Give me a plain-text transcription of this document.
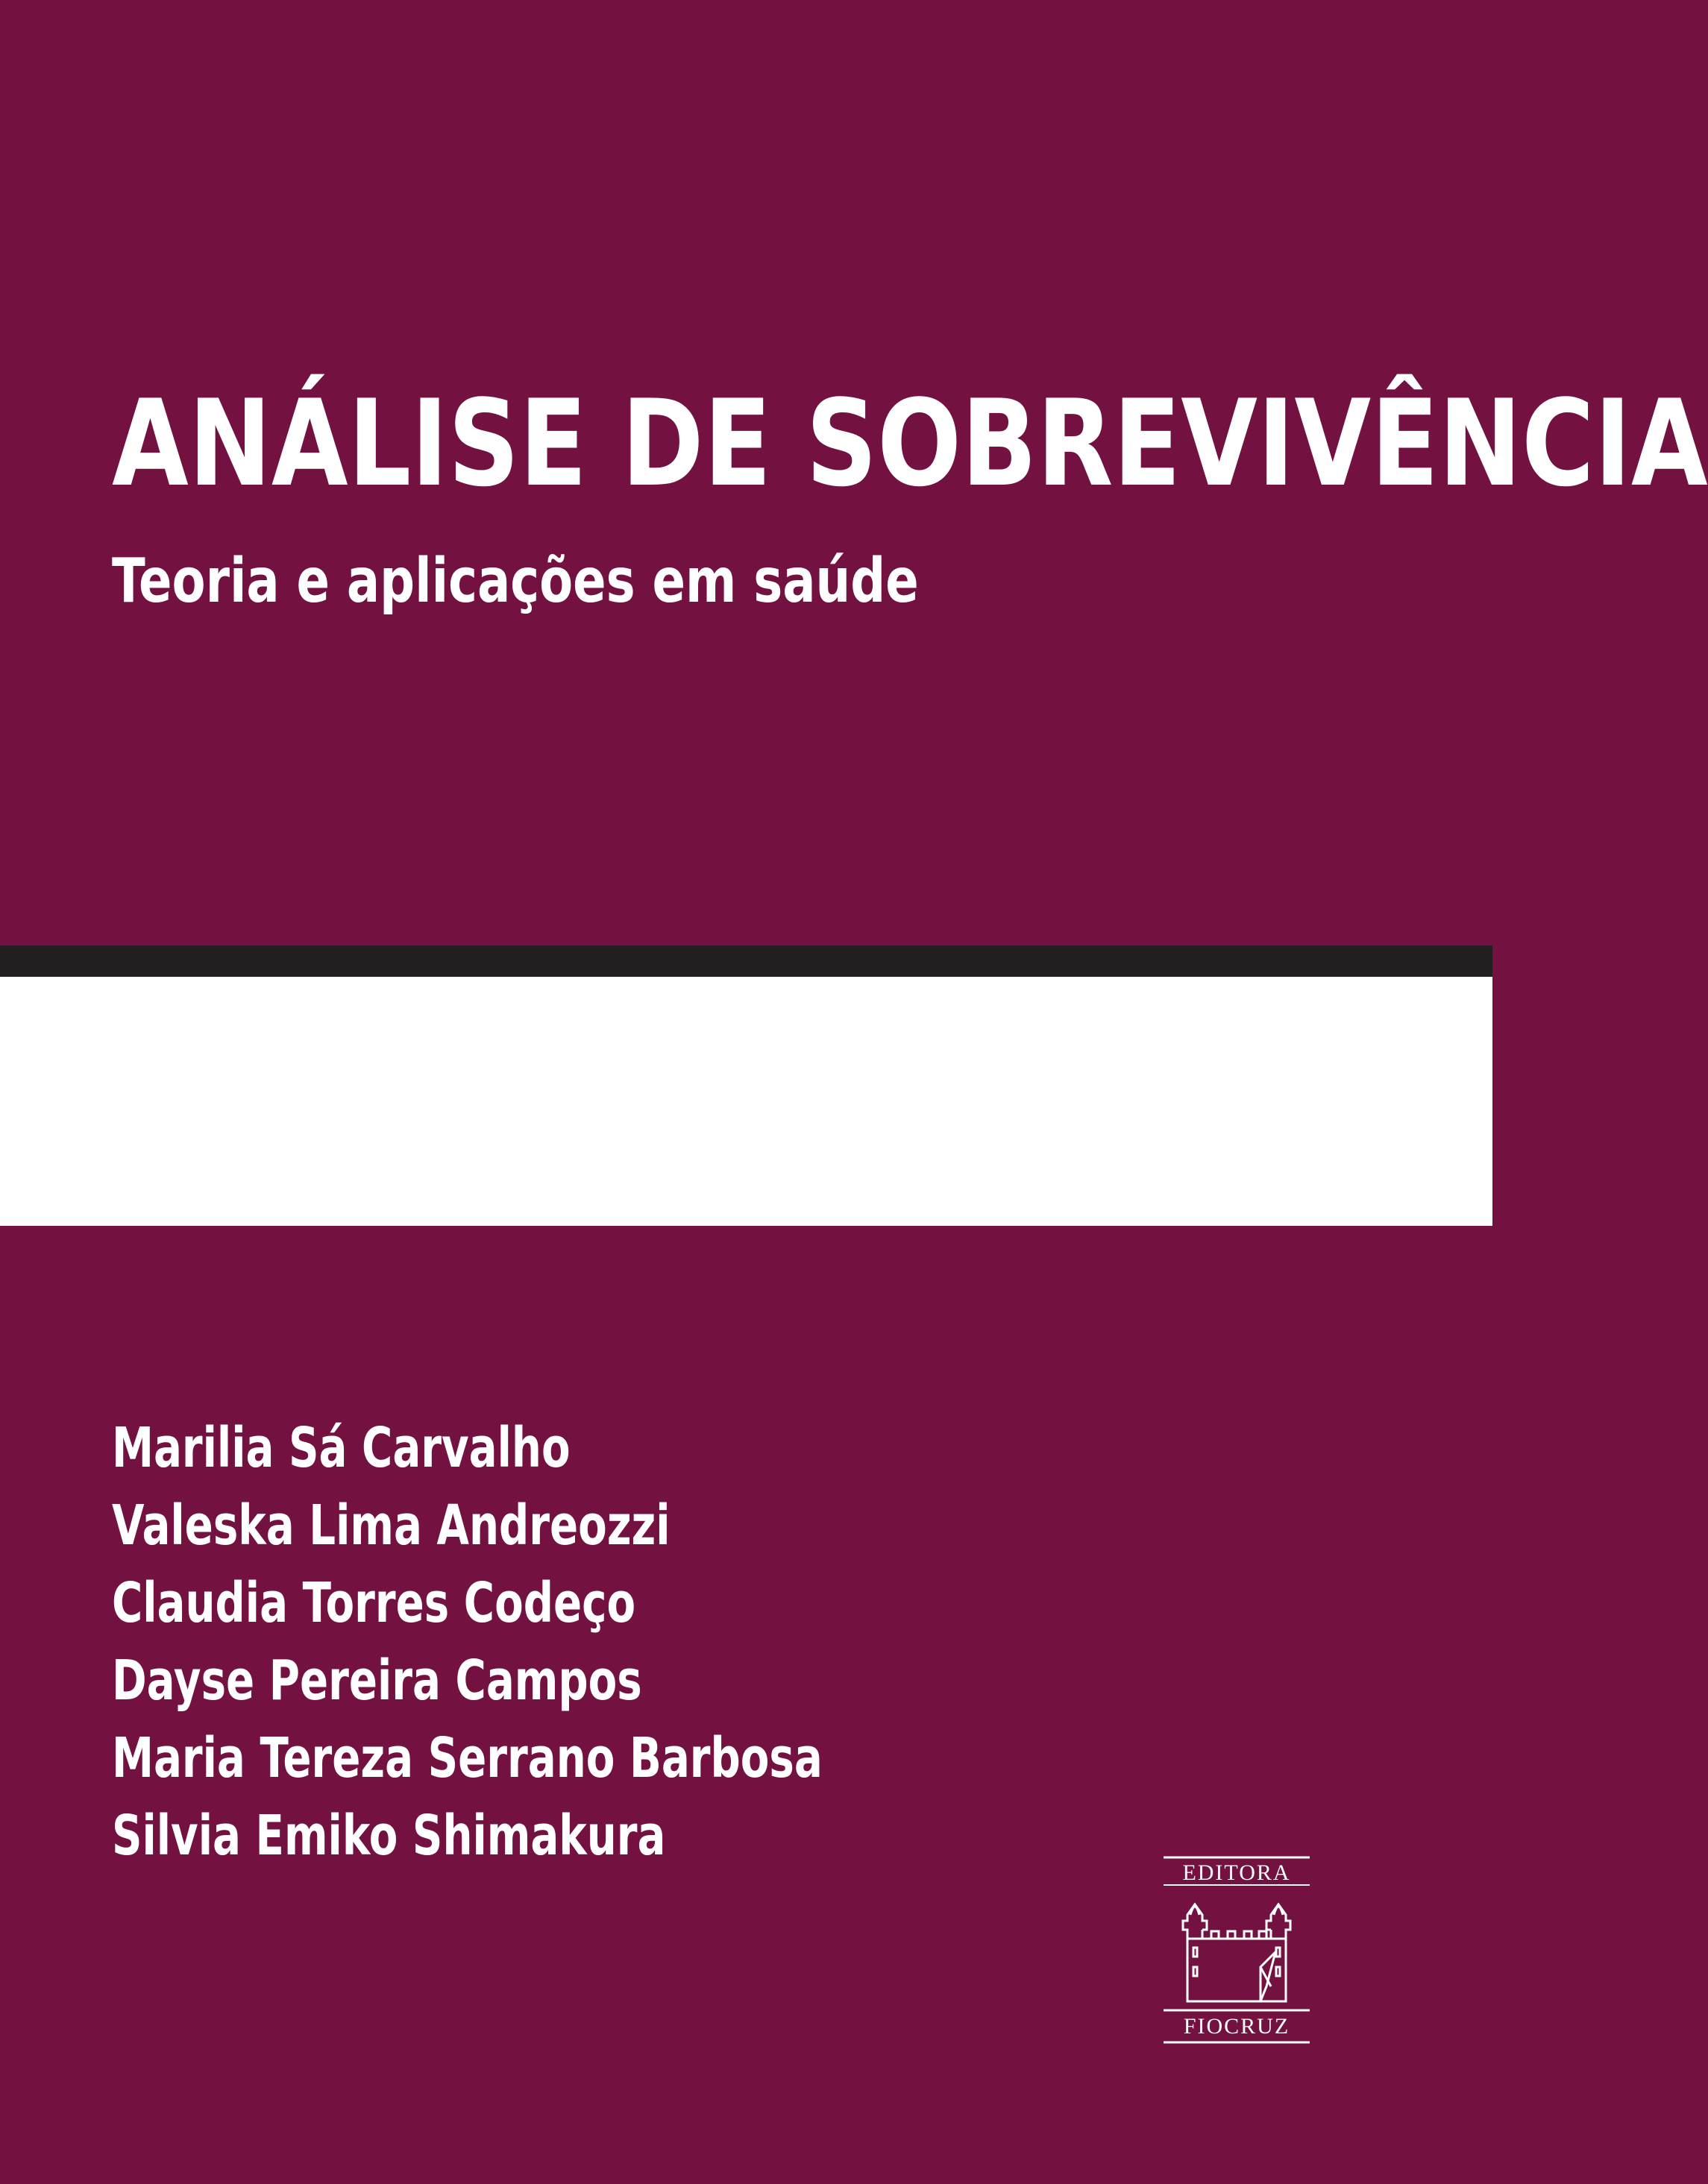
ANÁLISE DE SOBREVIVÊNCIA
Teoria e aplicações em saúde
Marilia Sá Carvalho
Valeska Lima Andreozzi
Claudia Torres Codeço
Dayse Pereira Campos
Maria Tereza Serrano Barbosa
Silvia Emiko Shimakura
EDITORA
FIOCRUZ
